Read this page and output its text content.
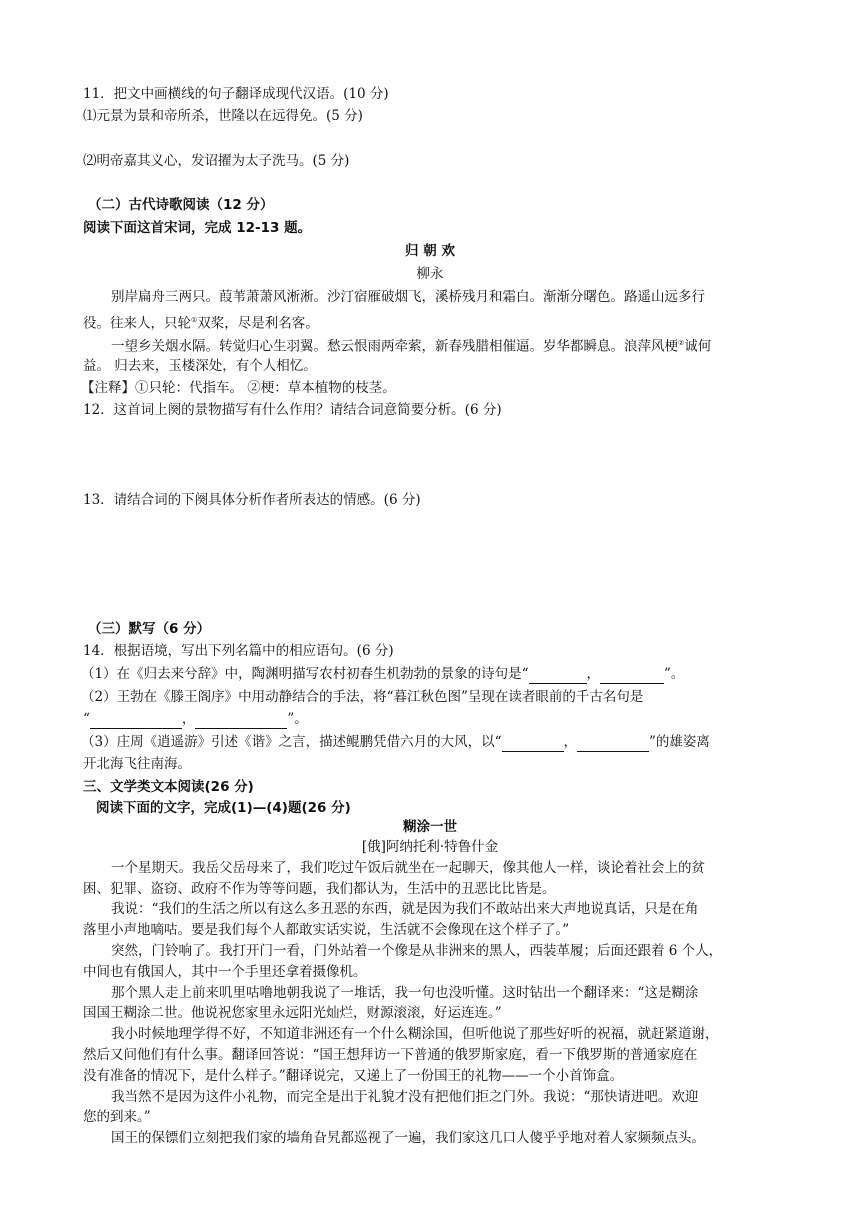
11．把文中画横线的句子翻译成现代汉语。(10 分)
⑴元景为景和帝所杀，世隆以在远得免。(5 分)
⑵明帝嘉其义心，发诏擢为太子洗马。(5 分)
（二）古代诗歌阅读（12 分）
阅读下面这首宋词，完成 12-13 题。
归 朝 欢
柳永
别岸扁舟三两只。葭苇萧萧风淅淅。沙汀宿雁破烟飞，溪桥残月和霜白。渐渐分曙色。路遥山远多行
役。往来人，只轮①双桨，尽是利名客。
一望乡关烟水隔。转觉归心生羽翼。愁云恨雨两牵萦，新春残腊相催逼。岁华都瞬息。浪萍风梗②诚何
益。 归去来，玉楼深处，有个人相忆。
【注释】①只轮：代指车。 ②梗：草本植物的枝茎。
12．这首词上阕的景物描写有什么作用？请结合词意简要分析。(6 分)
13．请结合词的下阕具体分析作者所表达的情感。(6 分)
（三）默写（6 分）
14．根据语境，写出下列名篇中的相应语句。(6 分)
（1）在《归去来兮辞》中，陶渊明描写农村初春生机勃勃的景象的诗句是“	，	”。
（2）王勃在《滕王阁序》中用动静结合的手法，将“暮江秋色图”呈现在读者眼前的千古名句是
“	，	”。
（3）庄周《逍遥游》引述《谐》之言，描述鲲鹏凭借六月的大风，以“	，	”的雄姿离
开北海飞往南海。
三、文学类文本阅读(26 分)
阅读下面的文字，完成(1)—(4)题(26 分)
糊涂一世
[俄]阿纳托利·特鲁什金
一个星期天。我岳父岳母来了，我们吃过午饭后就坐在一起聊天，像其他人一样，谈论着社会上的贫
困、犯罪、盗窃、政府不作为等等问题，我们都认为，生活中的丑恶比比皆是。
我说：“我们的生活之所以有这么多丑恶的东西，就是因为我们不敢站出来大声地说真话，只是在角
落里小声地嘀咕。要是我们每个人都敢实话实说，生活就不会像现在这个样子了。”
突然，门铃响了。我打开门一看，门外站着一个像是从非洲来的黑人，西装革履；后面还跟着 6 个人，
中间也有俄国人，其中一个手里还拿着摄像机。
那个黑人走上前来叽里咕噜地朝我说了一堆话，我一句也没听懂。这时钻出一个翻译来：“这是糊涂
国国王糊涂二世。他说祝您家里永远阳光灿烂，财源滚滚，好运连连。”
我小时候地理学得不好，不知道非洲还有一个什么糊涂国，但听他说了那些好听的祝福，就赶紧道谢，
然后又问他们有什么事。翻译回答说：“国王想拜访一下普通的俄罗斯家庭，看一下俄罗斯的普通家庭在
没有准备的情况下，是什么样子。”翻译说完，又递上了一份国王的礼物——一个小首饰盒。
我当然不是因为这件小礼物，而完全是出于礼貌才没有把他们拒之门外。我说：“那快请进吧。欢迎
您的到来。”
国王的保镖们立刻把我们家的墙角旮旯都巡视了一遍，我们家这几口人傻乎乎地对着人家频频点头。
